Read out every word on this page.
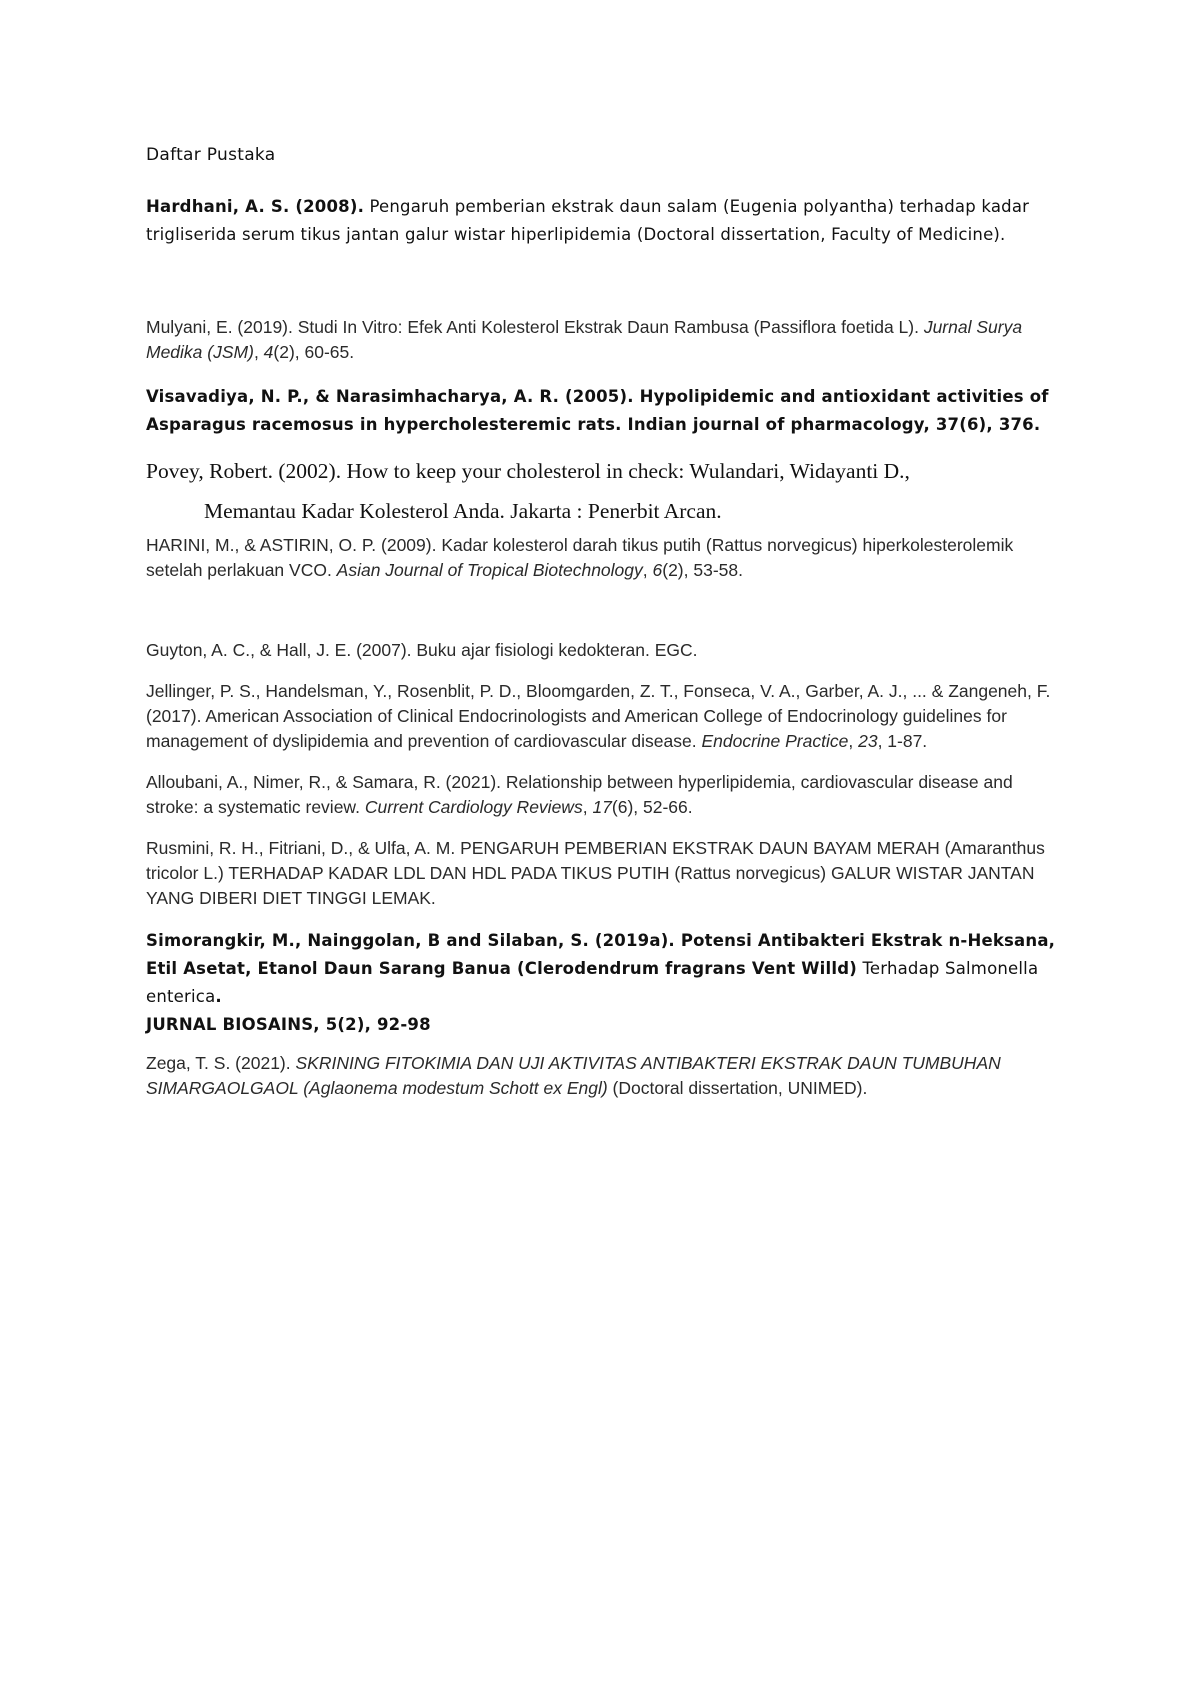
Daftar Pustaka

Hardhani, A. S. (2008). Pengaruh pemberian ekstrak daun salam (Eugenia polyantha) terhadap kadar trigliserida serum tikus jantan galur wistar hiperlipidemia (Doctoral dissertation, Faculty of Medicine).

Mulyani, E. (2019). Studi In Vitro: Efek Anti Kolesterol Ekstrak Daun Rambusa (Passiflora foetida L). Jurnal Surya Medika (JSM), 4(2), 60-65.

Visavadiya, N. P., & Narasimhacharya, A. R. (2005). Hypolipidemic and antioxidant activities of Asparagus racemosus in hypercholesteremic rats. Indian journal of pharmacology, 37(6), 376.

Povey, Robert. (2002). How to keep your cholesterol in check: Wulandari, Widayanti D.,
Memantau Kadar Kolesterol Anda. Jakarta : Penerbit Arcan.

HARINI, M., & ASTIRIN, O. P. (2009). Kadar kolesterol darah tikus putih (Rattus norvegicus) hiperkolesterolemik setelah perlakuan VCO. Asian Journal of Tropical Biotechnology, 6(2), 53-58.

Guyton, A. C., & Hall, J. E. (2007). Buku ajar fisiologi kedokteran. EGC.

Jellinger, P. S., Handelsman, Y., Rosenblit, P. D., Bloomgarden, Z. T., Fonseca, V. A., Garber, A. J., ... & Zangeneh, F. (2017). American Association of Clinical Endocrinologists and American College of Endocrinology guidelines for management of dyslipidemia and prevention of cardiovascular disease. Endocrine Practice, 23, 1-87.

Alloubani, A., Nimer, R., & Samara, R. (2021). Relationship between hyperlipidemia, cardiovascular disease and stroke: a systematic review. Current Cardiology Reviews, 17(6), 52-66.

Rusmini, R. H., Fitriani, D., & Ulfa, A. M. PENGARUH PEMBERIAN EKSTRAK DAUN BAYAM MERAH (Amaranthus tricolor L.) TERHADAP KADAR LDL DAN HDL PADA TIKUS PUTIH (Rattus norvegicus) GALUR WISTAR JANTAN YANG DIBERI DIET TINGGI LEMAK.

Simorangkir, M., Nainggolan, B and Silaban, S. (2019a). Potensi Antibakteri Ekstrak n-Heksana, Etil Asetat, Etanol Daun Sarang Banua (Clerodendrum fragrans Vent Willd) Terhadap Salmonella enterica.
JURNAL BIOSAINS, 5(2), 92-98

Zega, T. S. (2021). SKRINING FITOKIMIA DAN UJI AKTIVITAS ANTIBAKTERI EKSTRAK DAUN TUMBUHAN SIMARGAOLGAOL (Aglaonema modestum Schott ex Engl) (Doctoral dissertation, UNIMED).
